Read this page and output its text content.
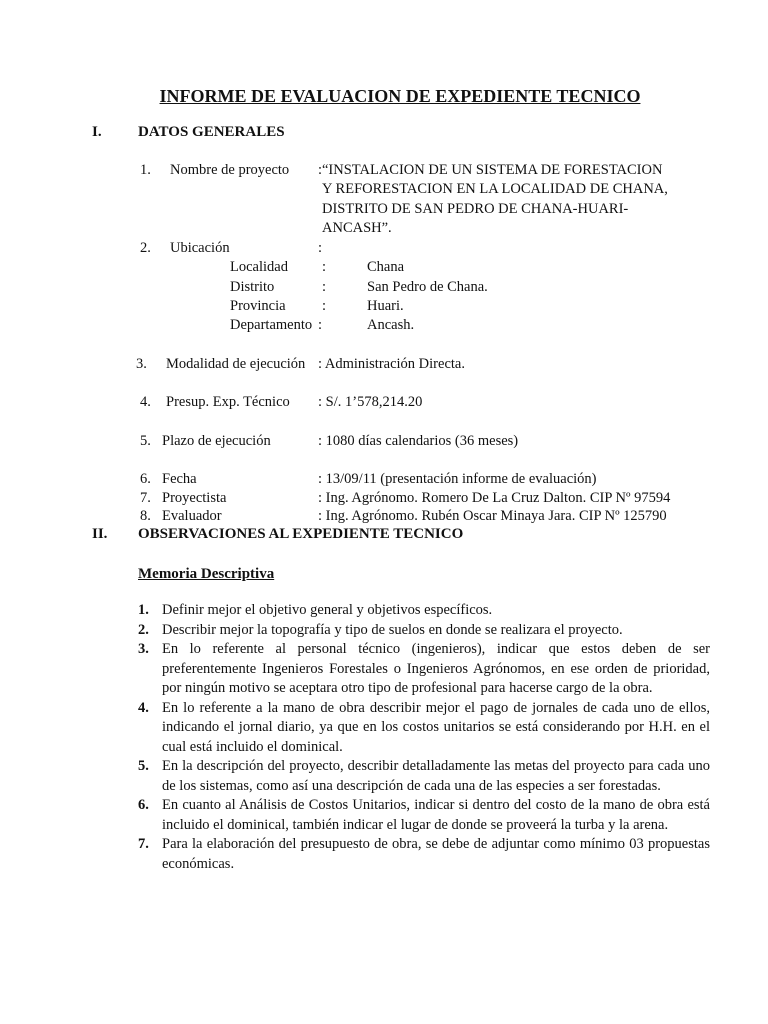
INFORME DE EVALUACION DE EXPEDIENTE TECNICO
I. DATOS GENERALES
1. Nombre de proyecto : “INSTALACION DE UN SISTEMA DE FORESTACION
Y REFORESTACION EN LA LOCALIDAD DE CHANA,
DISTRITO DE SAN PEDRO DE CHANA-HUARI-
ANCASH”.
2. Ubicación	:
Localidad :	Chana
Distrito	:	San Pedro de Chana.
Provincia	:	Huari.
Departamento :	Ancash.
3. Modalidad de ejecución : Administración Directa.
4. Presup. Exp. Técnico : S/. 1’578,214.20
5. Plazo de ejecución	: 1080 días calendarios (36 meses)
6. Fecha	: 13/09/11 (presentación informe de evaluación)
7. Proyectista	: Ing. Agrónomo. Romero De La Cruz Dalton. CIP Nº 97594
8. Evaluador	: Ing. Agrónomo. Rubén Oscar Minaya Jara. CIP Nº 125790
II. OBSERVACIONES AL EXPEDIENTE TECNICO
Memoria Descriptiva
1. Definir mejor el objetivo general y objetivos específicos.
2. Describir mejor la topografía y tipo de suelos en donde se realizara el proyecto.
3. En lo referente al personal técnico (ingenieros), indicar que estos deben de ser preferentemente Ingenieros Forestales o Ingenieros Agrónomos, en ese orden de prioridad, por ningún motivo se aceptara otro tipo de profesional para hacerse cargo de la obra.
4. En lo referente a la mano de obra describir mejor el pago de jornales de cada uno de ellos, indicando el jornal diario, ya que en los costos unitarios se está considerando por H.H. en el cual está incluido el dominical.
5. En la descripción del proyecto, describir detalladamente las metas del proyecto para cada uno de los sistemas, como así una descripción de cada una de las especies a ser forestadas.
6. En cuanto al Análisis de Costos Unitarios, indicar si dentro del costo de la mano de obra está incluido el dominical, también indicar el lugar de donde se proveerá la turba y la arena.
7. Para la elaboración del presupuesto de obra, se debe de adjuntar como mínimo 03 propuestas económicas.
